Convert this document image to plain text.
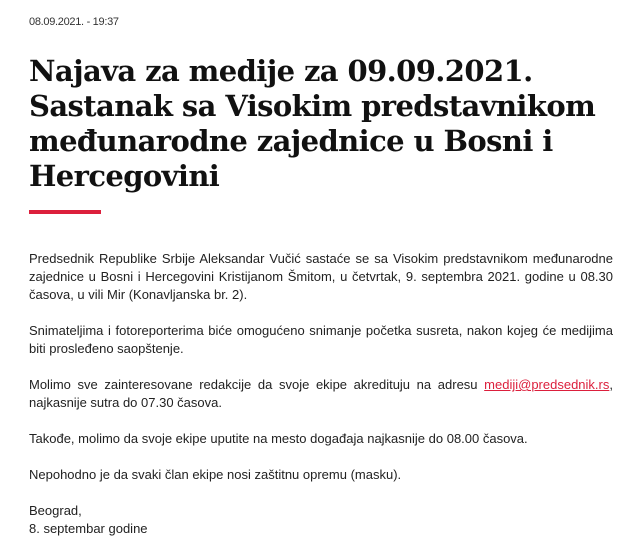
08.09.2021. - 19:37
Najava za medije za 09.09.2021.
Sastanak sa Visokim predstavnikom
međunarodne zajednice u Bosni i
Hercegovini

Predsednik Republike Srbije Aleksandar Vučić sastaće se sa Visokim predstavnikom međunarodne zajednice u Bosni i Hercegovini Kristijanom Šmitom, u četvrtak, 9. septembra 2021. godine u 08.30 časova, u vili Mir (Konavljanska br. 2).

Snimateljima i fotoreporterima biće omogućeno snimanje početka susreta, nakon kojeg će medijima biti prosleđeno saopštenje.

Molimo sve zainteresovane redakcije da svoje ekipe akredituju na adresu mediji@predsednik.rs, najkasnije sutra do 07.30 časova.

Takođe, molimo da svoje ekipe uputite na mesto događaja najkasnije do 08.00 časova.

Nepohodno je da svaki član ekipe nosi zaštitnu opremu (masku).

Beograd,

8. septembar godine
